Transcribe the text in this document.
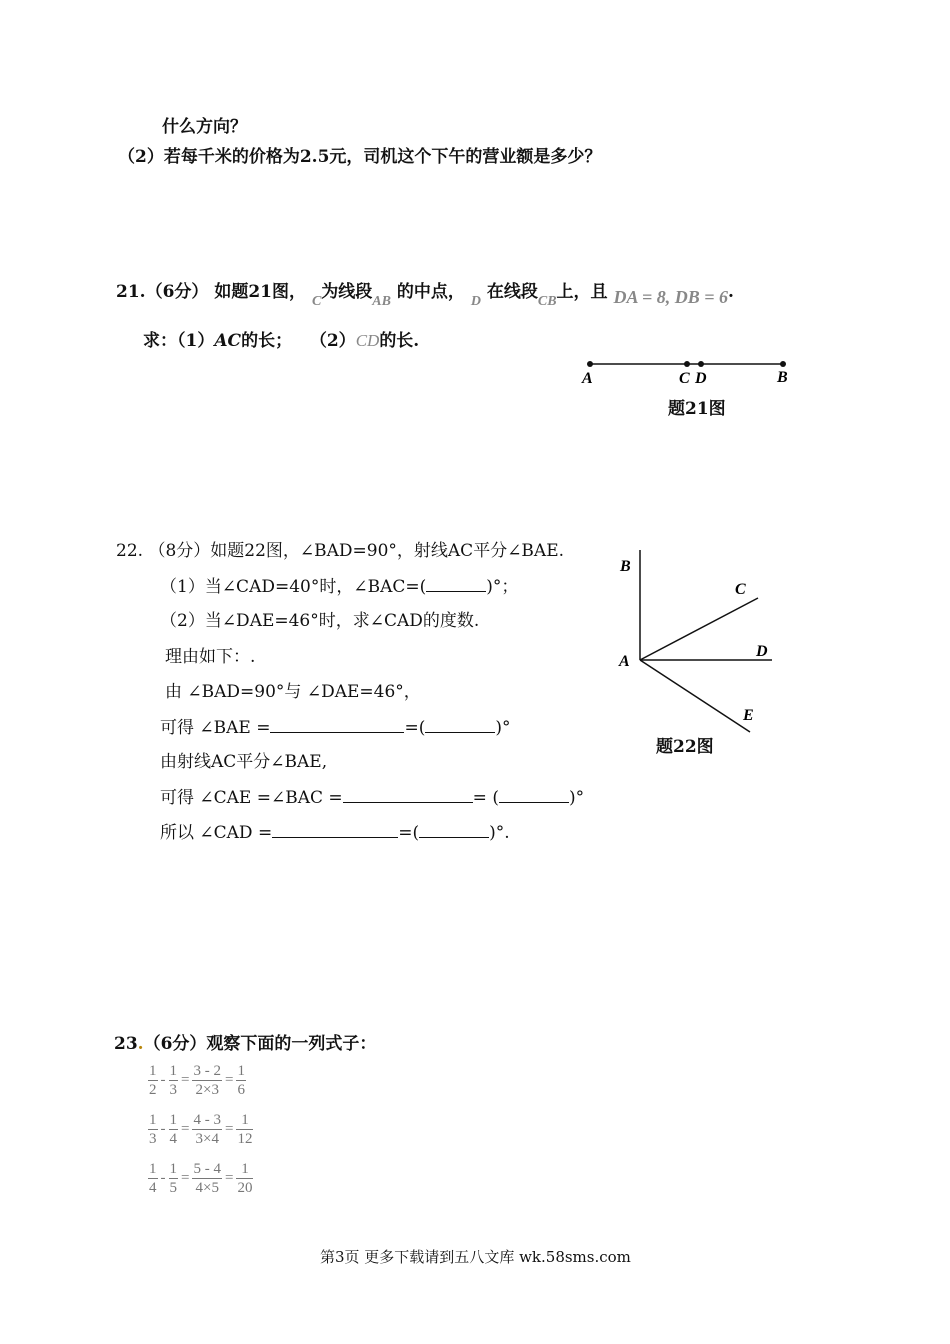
什么方向？
（2）若每千米的价格为2.5元，司机这个下午的营业额是多少？
21.（6分） 如题21图， $_C$为线段$_{AB}$ 的中点， $_D$ 在线段$_{CB}$上，且 DA = 8, DB = 6.
求：（1）AC的长； （2）CD的长.
A	C D	B
题21图
22. （8分）如题22图，∠BAD=90°，射线AC平分∠BAE.
（1）当∠CAD=40°时，∠BAC=(	)°；
（2）当∠DAE=46°时，求∠CAD的度数.
理由如下：.
由 ∠BAD=90°与 ∠DAE=46°，
可得 ∠BAE =	=(	)°
由射线AC平分∠BAE,
可得 ∠CAE =∠BAC =	= (	)°
所以 ∠CAD =	=(	)°.
B
C
A
D
E
题22图
23.（6分）观察下面的一列式子：
$\frac{1}{2} - \frac{1}{3} = \frac{3 - 2}{2\times 3} = \frac{1}{6}$
$\frac{1}{3} - \frac{1}{4} = \frac{4 - 3}{3\times 4} = \frac{1}{12}$
$\frac{1}{4} - \frac{1}{5} = \frac{5 - 4}{4\times 5} = \frac{1}{20}$
第3页 更多下载请到五八文库 wk.58sms.com
